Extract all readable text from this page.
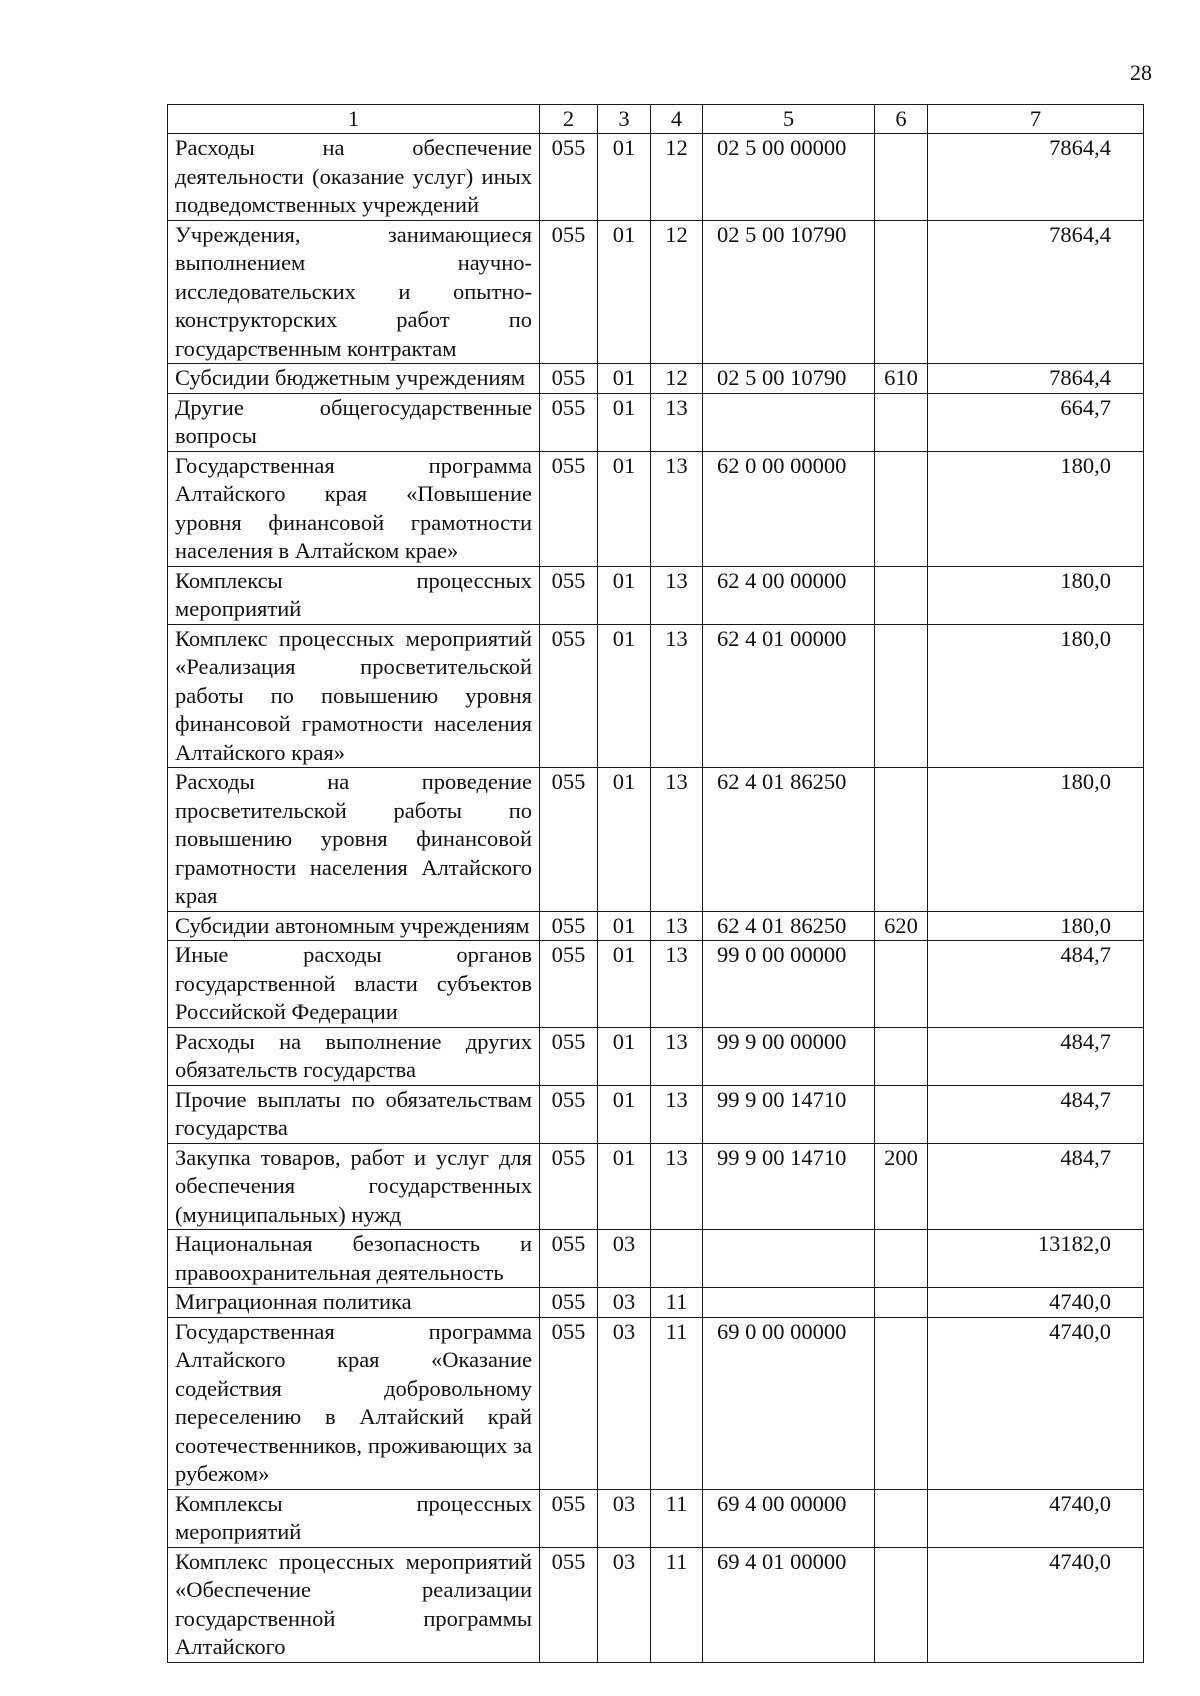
28
1	2	3	4	5	6	7
Расходы на обеспечение деятельности (оказание услуг) иных подведомственных учреждений	055	01	12	02 5 00 00000		7864,4
Учреждения, занимающиеся выполнением научно-исследовательских и опытно-конструкторских работ по государственным контрактам	055	01	12	02 5 00 10790		7864,4
Субсидии бюджетным учреждениям	055	01	12	02 5 00 10790	610	7864,4
Другие общегосударственные вопросы	055	01	13			664,7
Государственная программа Алтайского края «Повышение уровня финансовой грамотности населения в Алтайском крае»	055	01	13	62 0 00 00000		180,0
Комплексы процессных мероприятий	055	01	13	62 4 00 00000		180,0
Комплекс процессных мероприятий «Реализация просветительской работы по повышению уровня финансовой грамотности населения Алтайского края»	055	01	13	62 4 01 00000		180,0
Расходы на проведение просветительской работы по повышению уровня финансовой грамотности населения Алтайского края	055	01	13	62 4 01 86250		180,0
Субсидии автономным учреждениям	055	01	13	62 4 01 86250	620	180,0
Иные расходы органов государственной власти субъектов Российской Федерации	055	01	13	99 0 00 00000		484,7
Расходы на выполнение других обязательств государства	055	01	13	99 9 00 00000		484,7
Прочие выплаты по обязательствам государства	055	01	13	99 9 00 14710		484,7
Закупка товаров, работ и услуг для обеспечения государственных (муниципальных) нужд	055	01	13	99 9 00 14710	200	484,7
Национальная безопасность и правоохранительная деятельность	055	03				13182,0
Миграционная политика	055	03	11			4740,0
Государственная программа Алтайского края «Оказание содействия добровольному переселению в Алтайский край соотечественников, проживающих за рубежом»	055	03	11	69 0 00 00000		4740,0
Комплексы процессных мероприятий	055	03	11	69 4 00 00000		4740,0
Комплекс процессных мероприятий «Обеспечение реализации государственной программы Алтайского	055	03	11	69 4 01 00000		4740,0
